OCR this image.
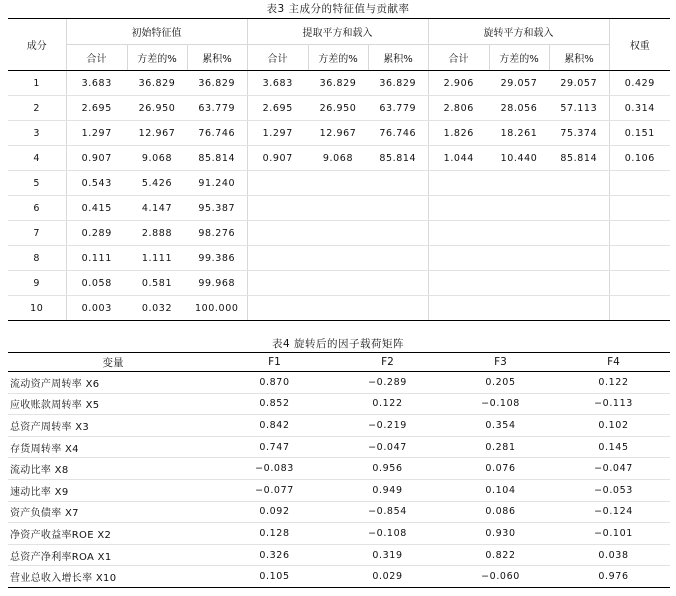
表3 主成分的特征值与贡献率
成分	初始特征值			提取平方和载入			旋转平方和载入			权重
	合计	方差的%	累积%	合计	方差的%	累积%	合计	方差的%	累积%	
1	3.683	36.829	36.829	3.683	36.829	36.829	2.906	29.057	29.057	0.429
2	2.695	26.950	63.779	2.695	26.950	63.779	2.806	28.056	57.113	0.314
3	1.297	12.967	76.746	1.297	12.967	76.746	1.826	18.261	75.374	0.151
4	0.907	9.068	85.814	0.907	9.068	85.814	1.044	10.440	85.814	0.106
5	0.543	5.426	91.240							
6	0.415	4.147	95.387							
7	0.289	2.888	98.276							
8	0.111	1.111	99.386							
9	0.058	0.581	99.968							
10	0.003	0.032	100.000							
表4 旋转后的因子载荷矩阵
变量	F1	F2	F3	F4
流动资产周转率 X6	0.870	−0.289	0.205	0.122
应收账款周转率 X5	0.852	0.122	−0.108	−0.113
总资产周转率 X3	0.842	−0.219	0.354	0.102
存货周转率 X4	0.747	−0.047	0.281	0.145
流动比率 X8	−0.083	0.956	0.076	−0.047
速动比率 X9	−0.077	0.949	0.104	−0.053
资产负债率 X7	0.092	−0.854	0.086	−0.124
净资产收益率ROE X2	0.128	−0.108	0.930	−0.101
总资产净利率ROA X1	0.326	0.319	0.822	0.038
营业总收入增长率 X10	0.105	0.029	−0.060	0.976
